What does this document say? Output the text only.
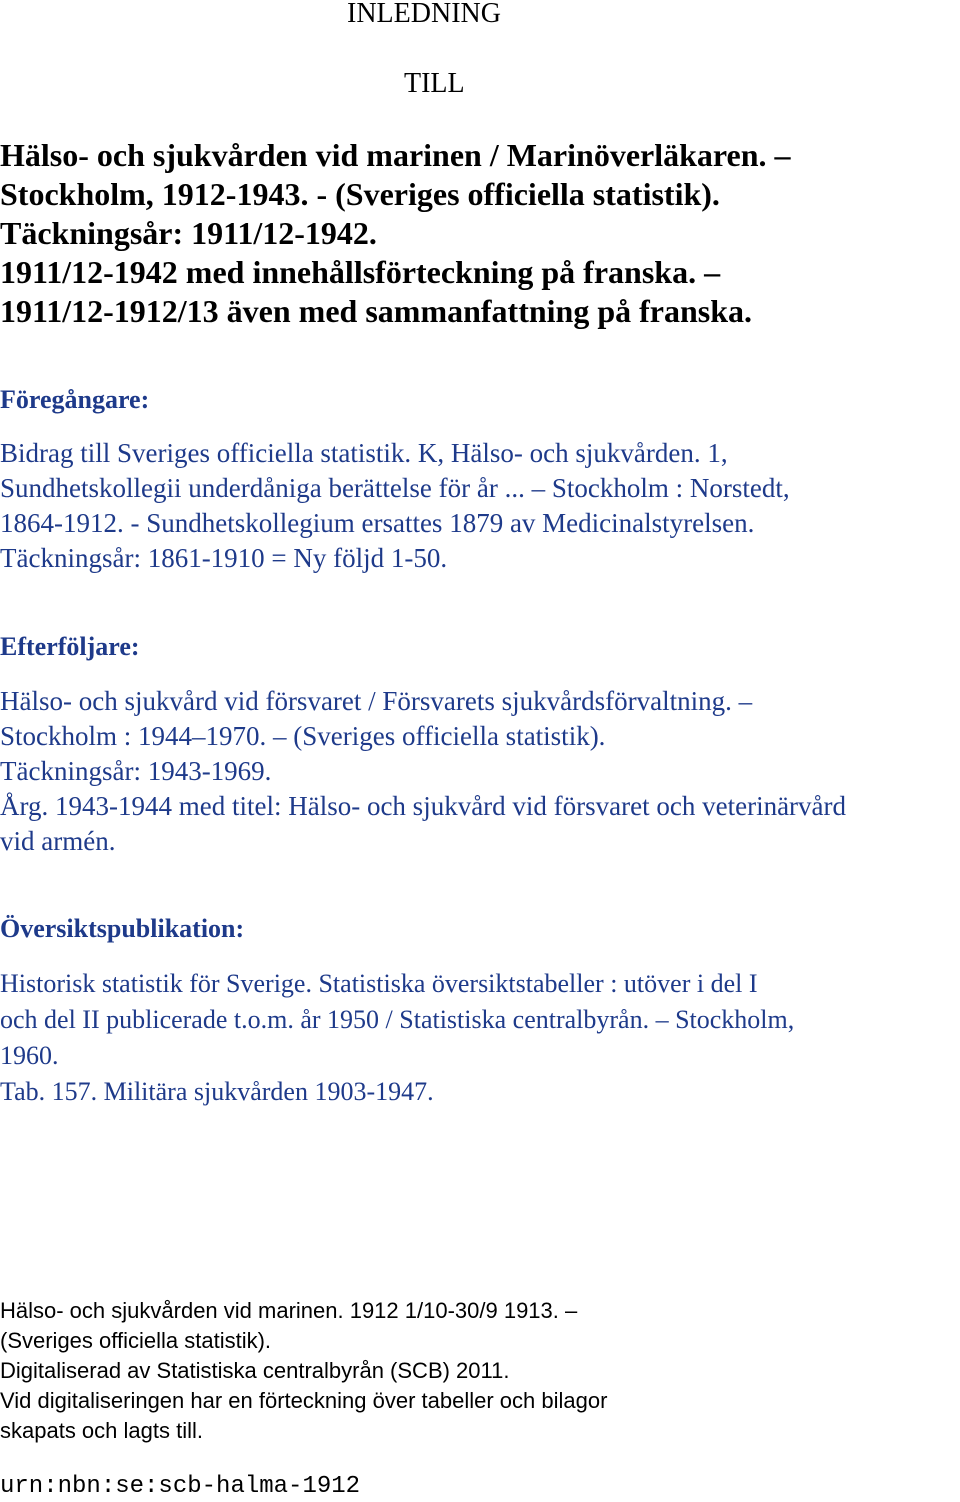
INLEDNING
TILL
Hälso- och sjukvården vid marinen / Marinöverläkaren. –
Stockholm, 1912-1943. - (Sveriges officiella statistik).
Täckningsår: 1911/12-1942.
1911/12-1942 med innehållsförteckning på franska. –
1911/12-1912/13 även med sammanfattning på franska.
Föregångare:
Bidrag till Sveriges officiella statistik. K, Hälso- och sjukvården. 1,
Sundhetskollegii underdåniga berättelse för år ... – Stockholm : Norstedt,
1864-1912. - Sundhetskollegium ersattes 1879 av Medicinalstyrelsen.
Täckningsår: 1861-1910 = Ny följd 1-50.
Efterföljare:
Hälso- och sjukvård vid försvaret / Försvarets sjukvårdsförvaltning. –
Stockholm : 1944–1970. – (Sveriges officiella statistik).
Täckningsår: 1943-1969.
Årg. 1943-1944 med titel: Hälso- och sjukvård vid försvaret och veterinärvård
vid armén.
Översiktspublikation:
Historisk statistik för Sverige. Statistiska översiktstabeller : utöver i del I
och del II publicerade t.o.m. år 1950 / Statistiska centralbyrån. – Stockholm,
1960.
Tab. 157. Militära sjukvården 1903-1947.
Hälso- och sjukvården vid marinen. 1912 1/10-30/9 1913. –
(Sveriges officiella statistik).
Digitaliserad av Statistiska centralbyrån (SCB) 2011.
Vid digitaliseringen har en förteckning över tabeller och bilagor
skapats och lagts till.
urn:nbn:se:scb-halma-1912
